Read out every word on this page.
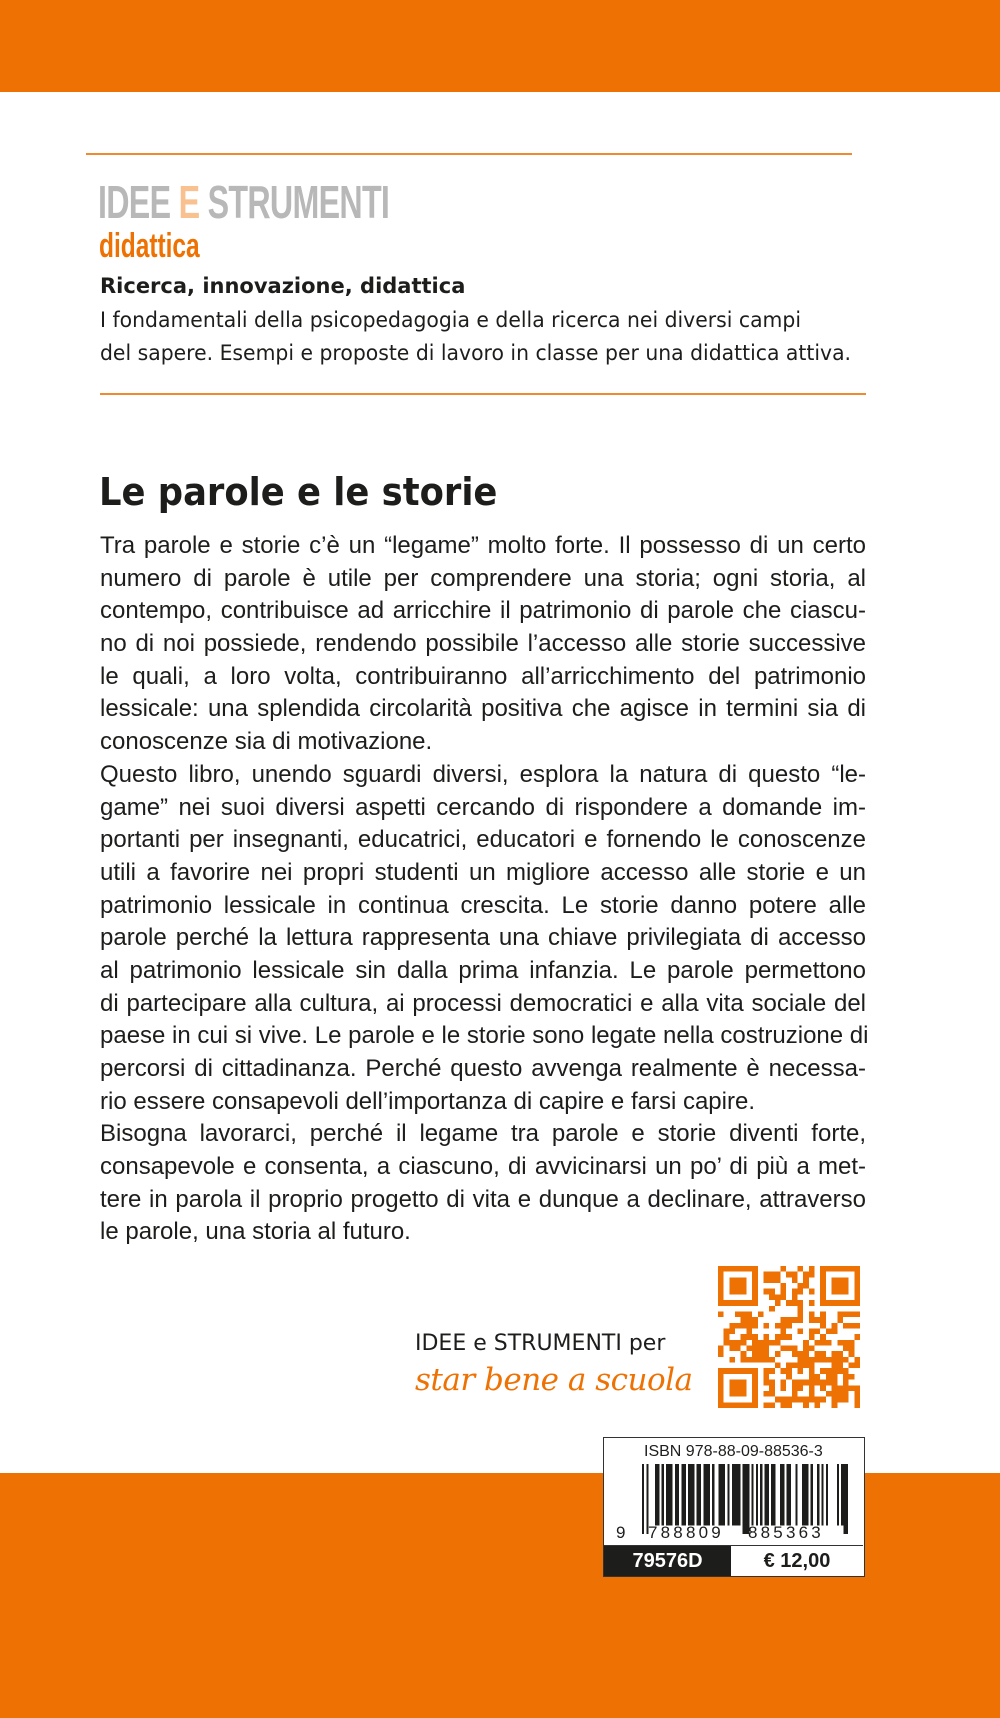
IDEE E STRUMENTI
didattica
Ricerca, innovazione, didattica

I fondamentali della psicopedagogia e della ricerca nei diversi campi
del sapere. Esempi e proposte di lavoro in classe per una didattica attiva.

Le parole e le storie
Tra parole e storie c’è un “legame” molto forte. Il possesso di un certo
numero di parole è utile per comprendere una storia; ogni storia, al
contempo, contribuisce ad arricchire il patrimonio di parole che ciascu-
no di noi possiede, rendendo possibile l’accesso alle storie successive
le quali, a loro volta, contribuiranno all’arricchimento del patrimonio
lessicale: una splendida circolarità positiva che agisce in termini sia di
conoscenze sia di motivazione.
Questo libro, unendo sguardi diversi, esplora la natura di questo “le-
game” nei suoi diversi aspetti cercando di rispondere a domande im-
portanti per insegnanti, educatrici, educatori e fornendo le conoscenze
utili a favorire nei propri studenti un migliore accesso alle storie e un
patrimonio lessicale in continua crescita. Le storie danno potere alle
parole perché la lettura rappresenta una chiave privilegiata di accesso
al patrimonio lessicale sin dalla prima infanzia. Le parole permettono
di partecipare alla cultura, ai processi democratici e alla vita sociale del
paese in cui si vive. Le parole e le storie sono legate nella costruzione di
percorsi di cittadinanza. Perché questo avvenga realmente è necessa-
rio essere consapevoli dell’importanza di capire e farsi capire.
Bisogna lavorarci, perché il legame tra parole e storie diventi forte,
consapevole e consenta, a ciascuno, di avvicinarsi un po’ di più a met-
tere in parola il proprio progetto di vita e dunque a declinare, attraverso
le parole, una storia al futuro.
IDEE e STRUMENTI per
star bene a scuola
ISBN 978-88-09-88536-3
9 788809 885363
79576D	€ 12,00
